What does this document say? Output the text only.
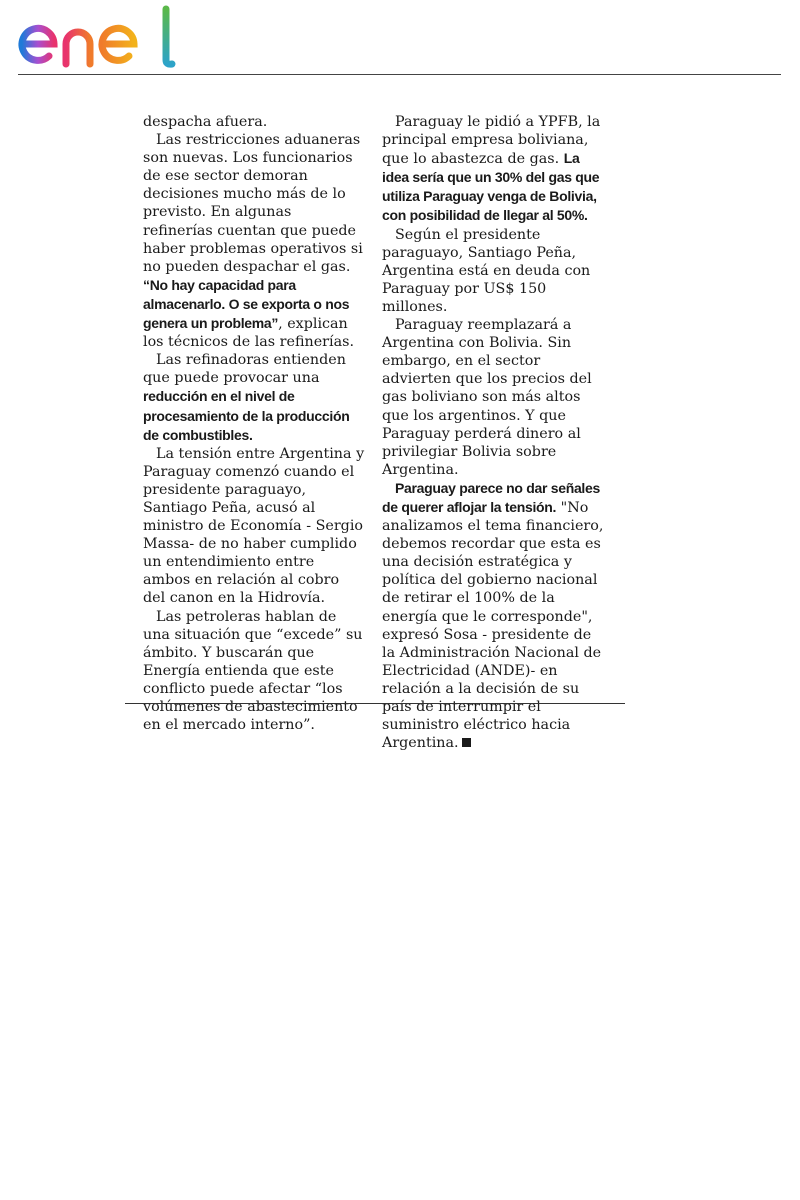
despacha afuera.

Las restricciones aduaneras son nuevas. Los funcionarios de ese sector demoran decisiones mucho más de lo previsto. En algunas refinerías cuentan que puede haber problemas operativos si no pueden despachar el gas. “No hay capacidad para almacenarlo. O se exporta o nos genera un problema”, explican los técnicos de las refinerías.

Las refinadoras entienden que puede provocar una reducción en el nivel de procesamiento de la producción de combustibles.

La tensión entre Argentina y Paraguay comenzó cuando el presidente paraguayo, Santiago Peña, acusó al ministro de Economía - Sergio Massa- de no haber cumplido un entendimiento entre ambos en relación al cobro del canon en la Hidrovía.

Las petroleras hablan de una situación que “excede” su ámbito. Y buscarán que Energía entienda que este conflicto puede afectar “los volúmenes de abastecimiento en el mercado interno”.

Paraguay le pidió a YPFB, la principal empresa boliviana, que lo abastezca de gas. La idea sería que un 30% del gas que utiliza Paraguay venga de Bolivia, con posibilidad de llegar al 50%.

Según el presidente paraguayo, Santiago Peña, Argentina está en deuda con Paraguay por US$ 150 millones.

Paraguay reemplazará a Argentina con Bolivia. Sin embargo, en el sector advierten que los precios del gas boliviano son más altos que los argentinos. Y que Paraguay perderá dinero al privilegiar Bolivia sobre Argentina.

Paraguay parece no dar señales de querer aflojar la tensión. "No analizamos el tema financiero, debemos recordar que esta es una decisión estratégica y política del gobierno nacional de retirar el 100% de la energía que le corresponde", expresó Sosa - presidente de la Administración Nacional de Electricidad (ANDE)- en relación a la decisión de su país de interrumpir el suministro eléctrico hacia Argentina.
